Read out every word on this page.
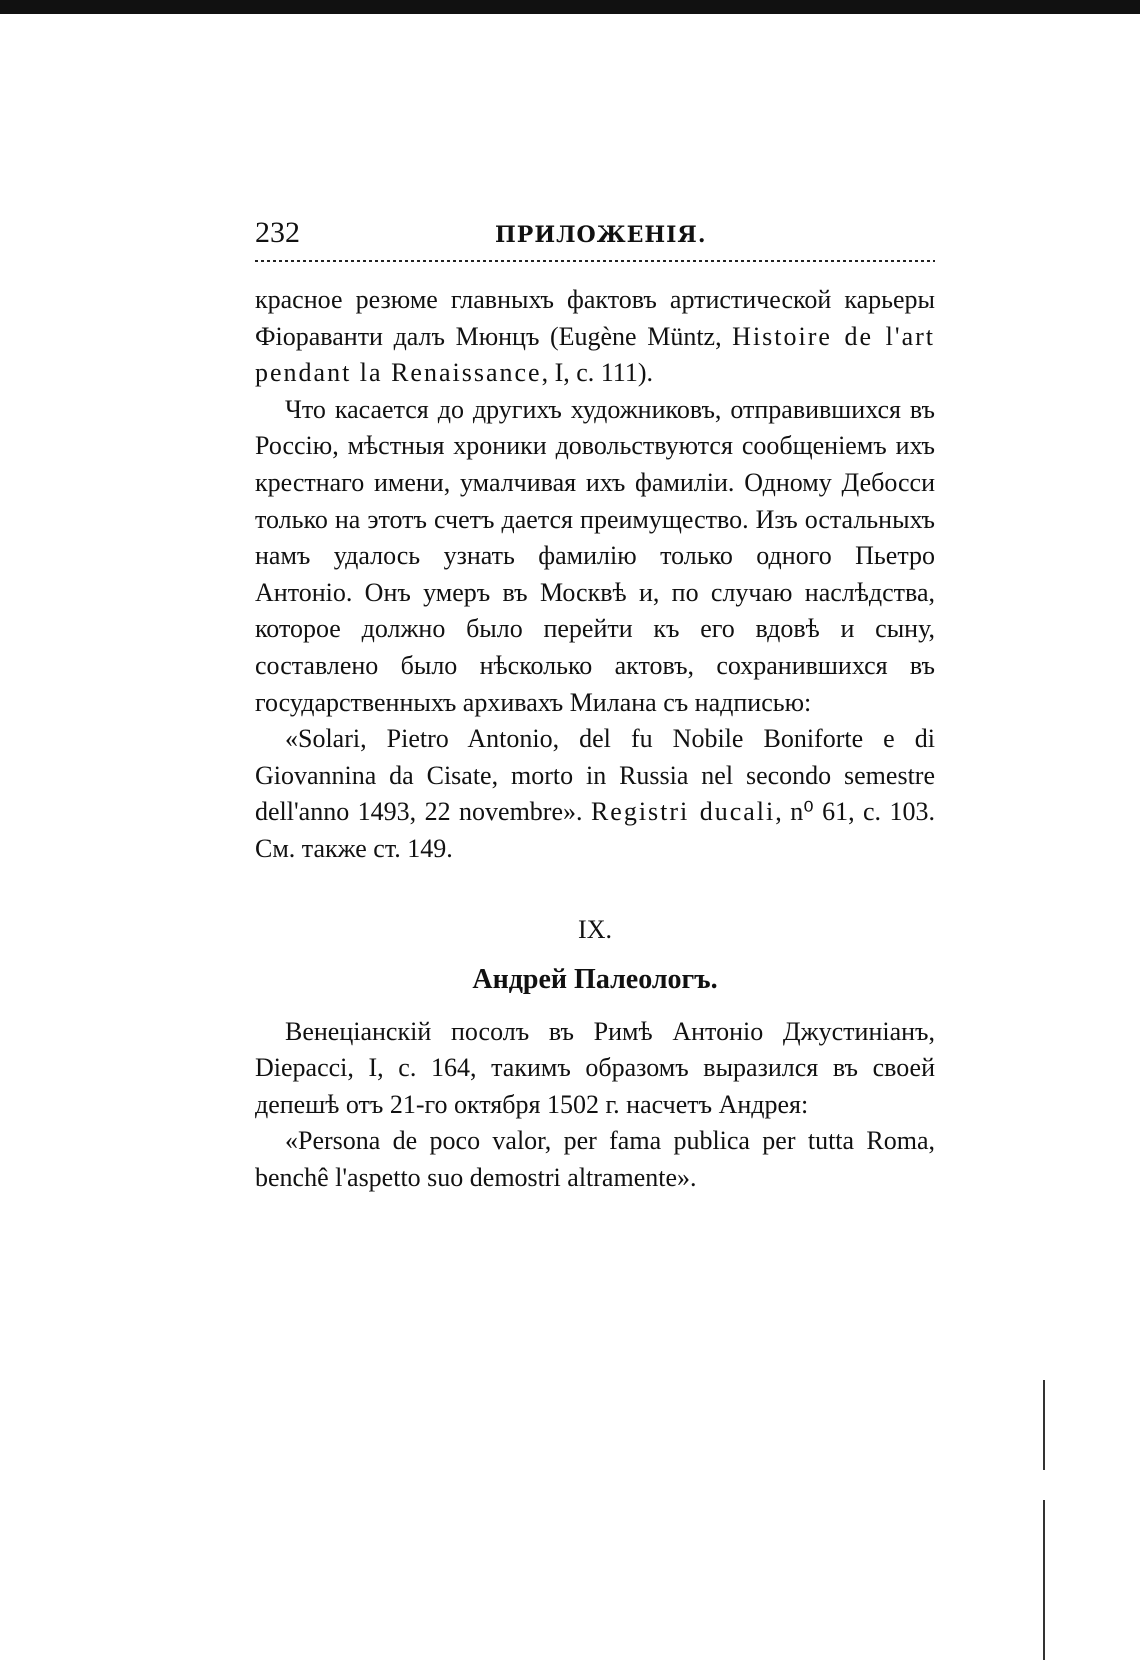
232	ПРИЛОЖЕНІЯ.

красное резюме главныхъ фактовъ артистической карьеры Фіораванти далъ Мюнцъ (Eugène Müntz, Histoire de l'art pendant la Renaissance, I, с. 111).

Что касается до другихъ художниковъ, отправившихся въ Россію, мѣстныя хроники довольствуются сообщеніемъ ихъ крестнаго имени, умалчивая ихъ фамиліи. Одному Дебосси только на этотъ счетъ дается преимущество. Изъ остальныхъ намъ удалось узнать фамилію только одного Пьетро Антоніо. Онъ умеръ въ Москвѣ и, по случаю наслѣдства, которое должно было перейти къ его вдовѣ и сыну, составлено было нѣсколько актовъ, сохранившихся въ государственныхъ архивахъ Милана съ надписью:

«Solari, Pietro Antonio, del fu Nobile Boniforte e di Giovannina da Cisate, morto in Russia nel secondo semestre dell'anno 1493, 22 novembre». Registri ducali, n⁰ 61, с. 103. См. также ст. 149.

IX.
Андрей Палеологъ.

Венеціанскій посолъ въ Римѣ Антоніо Джустиніанъ, Dieрacci, I, с. 164, такимъ образомъ выразился въ своей депешѣ отъ 21-го октября 1502 г. насчетъ Андрея:

«Persona de poco valor, per fama publica per tutta Roma, benchê l'aspetto suo demostri altramente».
